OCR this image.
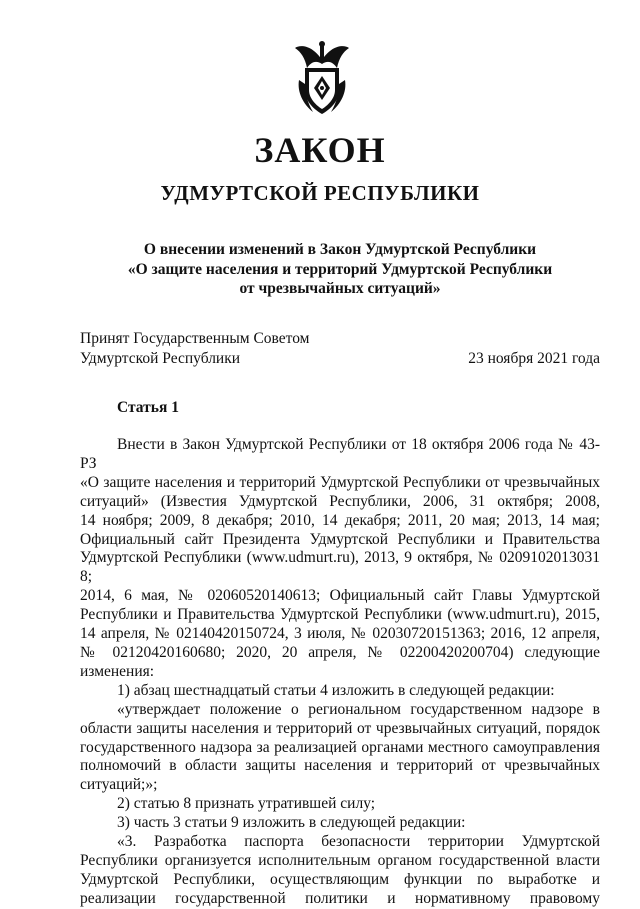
ЗАКОН
УДМУРТСКОЙ РЕСПУБЛИКИ
О внесении изменений в Закон Удмуртской Республики
«О защите населения и территорий Удмуртской Республики
от чрезвычайных ситуаций»
Принят Государственным Советом
Удмуртской Республики	23 ноября 2021 года
Статья 1

Внести в Закон Удмуртской Республики от 18 октября 2006 года № 43-РЗ

«О защите населения и территорий Удмуртской Республики от чрезвычайных

ситуаций» (Известия Удмуртской Республики, 2006, 31 октября; 2008,

14 ноября; 2009, 8 декабря; 2010, 14 декабря; 2011, 20 мая; 2013, 14 мая;

Официальный сайт Президента Удмуртской Республики и Правительства

Удмуртской Республики (www.udmurt.ru), 2013, 9 октября, № 0209102013031 8;

2014, 6 мая, № 02060520140613; Официальный сайт Главы Удмуртской

Республики и Правительства Удмуртской Республики (www.udmurt.ru), 2015,

14 апреля, № 02140420150724, 3 июля, № 02030720151363; 2016, 12 апреля,

№ 02120420160680; 2020, 20 апреля, № 02200420200704) следующие

изменения:

1) абзац шестнадцатый статьи 4 изложить в следующей редакции:

«утверждает положение о региональном государственном надзоре в

области защиты населения и территорий от чрезвычайных ситуаций, порядок

государственного надзора за реализацией органами местного самоуправления

полномочий в области защиты населения и территорий от чрезвычайных

ситуаций;»;

2) статью 8 признать утратившей силу;

3) часть 3 статьи 9 изложить в следующей редакции:

«3. Разработка паспорта безопасности территории Удмуртской

Республики организуется исполнительным органом государственной власти

Удмуртской Республики, осуществляющим функции по выработке и

реализации государственной политики и нормативному правовому
